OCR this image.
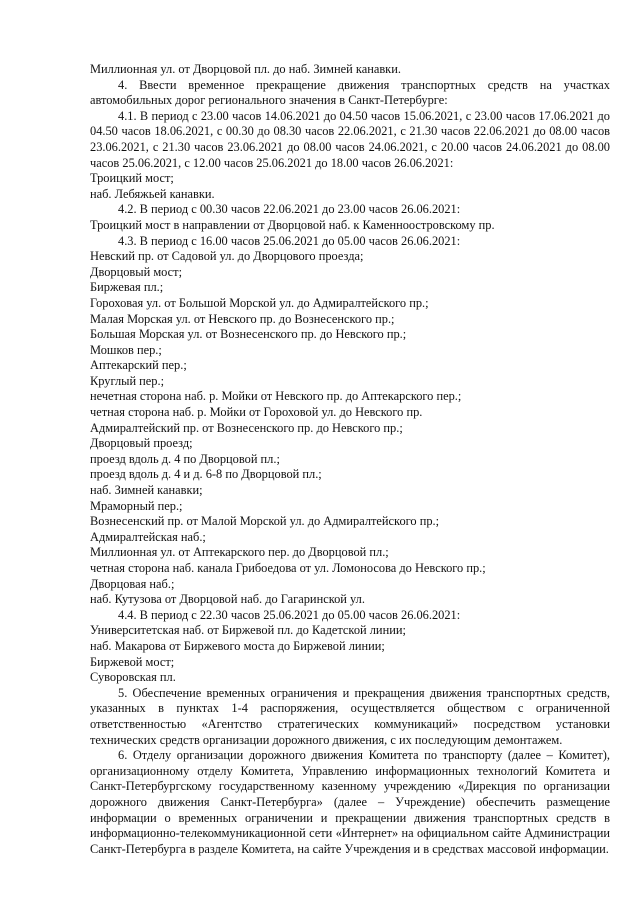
Миллионная ул. от Дворцовой пл. до наб. Зимней канавки.

4. Ввести временное прекращение движения транспортных средств на участках автомобильных дорог регионального значения в Санкт-Петербурге:

4.1. В период с 23.00 часов 14.06.2021 до 04.50 часов 15.06.2021, с 23.00 часов 17.06.2021 до 04.50 часов 18.06.2021, с 00.30 до 08.30 часов 22.06.2021, с 21.30 часов 22.06.2021 до 08.00 часов 23.06.2021, с 21.30 часов 23.06.2021 до 08.00 часов 24.06.2021, с 20.00 часов 24.06.2021 до 08.00 часов 25.06.2021, с 12.00 часов 25.06.2021 до 18.00 часов 26.06.2021:

Троицкий мост;

наб. Лебяжьей канавки.

4.2. В период с 00.30 часов 22.06.2021 до 23.00 часов 26.06.2021:

Троицкий мост в направлении от Дворцовой наб. к Каменноостровскому пр.

4.3. В период с 16.00 часов 25.06.2021 до 05.00 часов 26.06.2021:

Невский пр. от Садовой ул. до Дворцового проезда;

Дворцовый мост;

Биржевая пл.;

Гороховая ул. от Большой Морской ул. до Адмиралтейского пр.;

Малая Морская ул. от Невского пр. до Вознесенского пр.;

Большая Морская ул. от Вознесенского пр. до Невского пр.;

Мошков пер.;

Аптекарский пер.;

Круглый пер.;

нечетная сторона наб. р. Мойки от Невского пр. до Аптекарского пер.;

четная сторона наб. р. Мойки от Гороховой ул. до Невского пр.

Адмиралтейский пр. от Вознесенского пр. до Невского пр.;

Дворцовый проезд;

проезд вдоль д. 4 по Дворцовой пл.;

проезд вдоль д. 4 и д. 6-8 по Дворцовой пл.;

наб. Зимней канавки;

Мраморный пер.;

Вознесенский пр. от Малой Морской ул. до Адмиралтейского пр.;

Адмиралтейская наб.;

Миллионная ул. от Аптекарского пер. до Дворцовой пл.;

четная сторона наб. канала Грибоедова от ул. Ломоносова до Невского пр.;

Дворцовая наб.;

наб. Кутузова от Дворцовой наб. до Гагаринской ул.

4.4. В период с 22.30 часов 25.06.2021 до 05.00 часов 26.06.2021:

Университетская наб. от Биржевой пл. до Кадетской линии;

наб. Макарова от Биржевого моста до Биржевой линии;

Биржевой мост;

Суворовская пл.

5. Обеспечение временных ограничения и прекращения движения транспортных средств, указанных в пунктах 1-4 распоряжения, осуществляется обществом с ограниченной ответственностью «Агентство стратегических коммуникаций» посредством установки технических средств организации дорожного движения, с их последующим демонтажем.

6. Отделу организации дорожного движения Комитета по транспорту (далее – Комитет), организационному отделу Комитета, Управлению информационных технологий Комитета и Санкт-Петербургскому государственному казенному учреждению «Дирекция по организации дорожного движения Санкт-Петербурга» (далее – Учреждение) обеспечить размещение информации о временных ограничении и прекращении движения транспортных средств в информационно-телекоммуникационной сети «Интернет» на официальном сайте Администрации Санкт-Петербурга в разделе Комитета, на сайте Учреждения и в средствах массовой информации.
